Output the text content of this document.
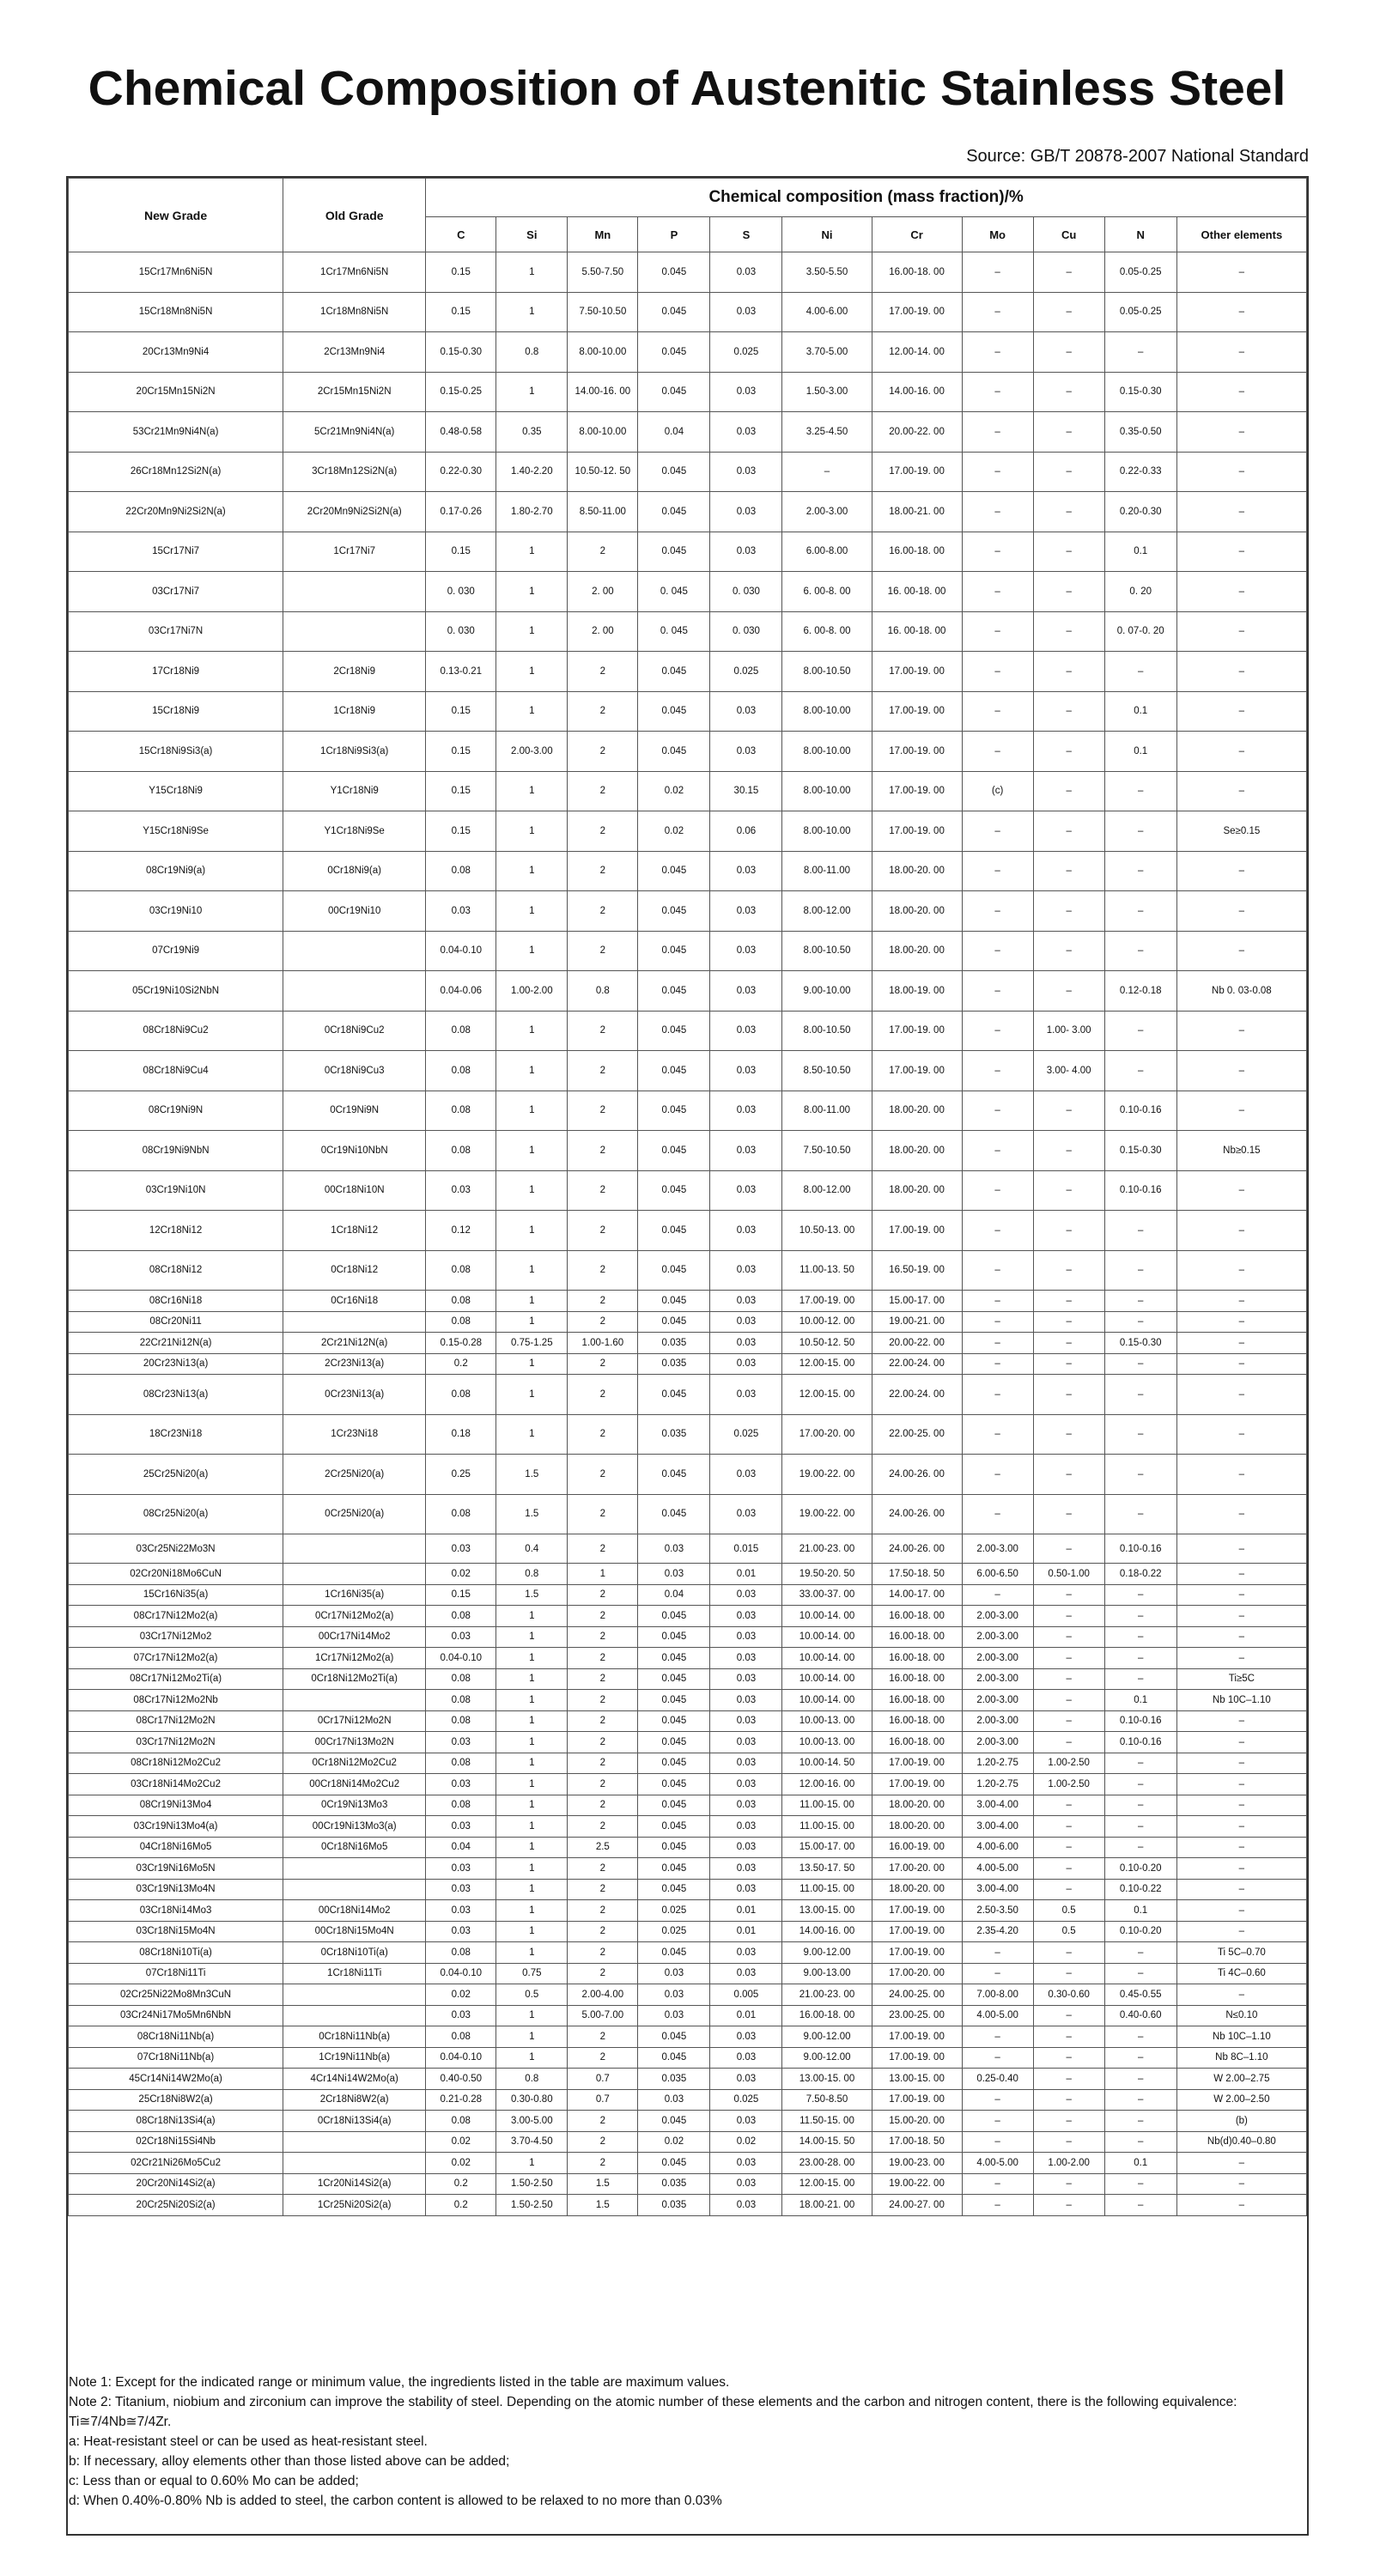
Chemical Composition of Austenitic Stainless Steel
Source: GB/T 20878-2007 National Standard
New Grade	Old Grade	Chemical composition (mass fraction)/%										
		C	Si	Mn	P	S	Ni	Cr	Mo	Cu	N	Other elements
15Cr17Mn6Ni5N	1Cr17Mn6Ni5N	0.15	1	5.50-7.50	0.045	0.03	3.50-5.50	16.00-18. 00	–	–	0.05-0.25	–
15Cr18Mn8Ni5N	1Cr18Mn8Ni5N	0.15	1	7.50-10.50	0.045	0.03	4.00-6.00	17.00-19. 00	–	–	0.05-0.25	–
20Cr13Mn9Ni4	2Cr13Mn9Ni4	0.15-0.30	0.8	8.00-10.00	0.045	0.025	3.70-5.00	12.00-14. 00	–	–	–	–
20Cr15Mn15Ni2N	2Cr15Mn15Ni2N	0.15-0.25	1	14.00-16. 00	0.045	0.03	1.50-3.00	14.00-16. 00	–	–	0.15-0.30	–
53Cr21Mn9Ni4N(a)	5Cr21Mn9Ni4N(a)	0.48-0.58	0.35	8.00-10.00	0.04	0.03	3.25-4.50	20.00-22. 00	–	–	0.35-0.50	–
26Cr18Mn12Si2N(a)	3Cr18Mn12Si2N(a)	0.22-0.30	1.40-2.20	10.50-12. 50	0.045	0.03	–	17.00-19. 00	–	–	0.22-0.33	–
22Cr20Mn9Ni2Si2N(a)	2Cr20Mn9Ni2Si2N(a)	0.17-0.26	1.80-2.70	8.50-11.00	0.045	0.03	2.00-3.00	18.00-21. 00	–	–	0.20-0.30	–
15Cr17Ni7	1Cr17Ni7	0.15	1	2	0.045	0.03	6.00-8.00	16.00-18. 00	–	–	0.1	–
03Cr17Ni7		0. 030	1	2. 00	0. 045	0. 030	6. 00-8. 00	16. 00-18. 00	–	–	0. 20	–
03Cr17Ni7N		0. 030	1	2. 00	0. 045	0. 030	6. 00-8. 00	16. 00-18. 00	–	–	0. 07-0. 20	–
17Cr18Ni9	2Cr18Ni9	0.13-0.21	1	2	0.045	0.025	8.00-10.50	17.00-19. 00	–	–	–	–
15Cr18Ni9	1Cr18Ni9	0.15	1	2	0.045	0.03	8.00-10.00	17.00-19. 00	–	–	0.1	–
15Cr18Ni9Si3(a)	1Cr18Ni9Si3(a)	0.15	2.00-3.00	2	0.045	0.03	8.00-10.00	17.00-19. 00	–	–	0.1	–
Y15Cr18Ni9	Y1Cr18Ni9	0.15	1	2	0.02	30.15	8.00-10.00	17.00-19. 00	(c)	–	–	–
Y15Cr18Ni9Se	Y1Cr18Ni9Se	0.15	1	2	0.02	0.06	8.00-10.00	17.00-19. 00	–	–	–	Se≥0.15
08Cr19Ni9(a)	0Cr18Ni9(a)	0.08	1	2	0.045	0.03	8.00-11.00	18.00-20. 00	–	–	–	–
03Cr19Ni10	00Cr19Ni10	0.03	1	2	0.045	0.03	8.00-12.00	18.00-20. 00	–	–	–	–
07Cr19Ni9		0.04-0.10	1	2	0.045	0.03	8.00-10.50	18.00-20. 00	–	–	–	–
05Cr19Ni10Si2NbN		0.04-0.06	1.00-2.00	0.8	0.045	0.03	9.00-10.00	18.00-19. 00	–	–	0.12-0.18	Nb 0. 03-0.08
08Cr18Ni9Cu2	0Cr18Ni9Cu2	0.08	1	2	0.045	0.03	8.00-10.50	17.00-19. 00	–	1.00- 3.00	–	–
08Cr18Ni9Cu4	0Cr18Ni9Cu3	0.08	1	2	0.045	0.03	8.50-10.50	17.00-19. 00	–	3.00- 4.00	–	–
08Cr19Ni9N	0Cr19Ni9N	0.08	1	2	0.045	0.03	8.00-11.00	18.00-20. 00	–	–	0.10-0.16	–
08Cr19Ni9NbN	0Cr19Ni10NbN	0.08	1	2	0.045	0.03	7.50-10.50	18.00-20. 00	–	–	0.15-0.30	Nb≥0.15
03Cr19Ni10N	00Cr18Ni10N	0.03	1	2	0.045	0.03	8.00-12.00	18.00-20. 00	–	–	0.10-0.16	–
12Cr18Ni12	1Cr18Ni12	0.12	1	2	0.045	0.03	10.50-13. 00	17.00-19. 00	–	–	–	–
08Cr18Ni12	0Cr18Ni12	0.08	1	2	0.045	0.03	11.00-13. 50	16.50-19. 00	–	–	–	–
08Cr16Ni18	0Cr16Ni18	0.08	1	2	0.045	0.03	17.00-19. 00	15.00-17. 00	–	–	–	–
08Cr20Ni11		0.08	1	2	0.045	0.03	10.00-12. 00	19.00-21. 00	–	–	–	–
22Cr21Ni12N(a)	2Cr21Ni12N(a)	0.15-0.28	0.75-1.25	1.00-1.60	0.035	0.03	10.50-12. 50	20.00-22. 00	–	–	0.15-0.30	–
20Cr23Ni13(a)	2Cr23Ni13(a)	0.2	1	2	0.035	0.03	12.00-15. 00	22.00-24. 00	–	–	–	–
08Cr23Ni13(a)	0Cr23Ni13(a)	0.08	1	2	0.045	0.03	12.00-15. 00	22.00-24. 00	–	–	–	–
18Cr23Ni18	1Cr23Ni18	0.18	1	2	0.035	0.025	17.00-20. 00	22.00-25. 00	–	–	–	–
25Cr25Ni20(a)	2Cr25Ni20(a)	0.25	1.5	2	0.045	0.03	19.00-22. 00	24.00-26. 00	–	–	–	–
08Cr25Ni20(a)	0Cr25Ni20(a)	0.08	1.5	2	0.045	0.03	19.00-22. 00	24.00-26. 00	–	–	–	–
03Cr25Ni22Mo3N		0.03	0.4	2	0.03	0.015	21.00-23. 00	24.00-26. 00	2.00-3.00	–	0.10-0.16	–
02Cr20Ni18Mo6CuN		0.02	0.8	1	0.03	0.01	19.50-20. 50	17.50-18. 50	6.00-6.50	0.50-1.00	0.18-0.22	–
15Cr16Ni35(a)	1Cr16Ni35(a)	0.15	1.5	2	0.04	0.03	33.00-37. 00	14.00-17. 00	–	–	–	–
08Cr17Ni12Mo2(a)	0Cr17Ni12Mo2(a)	0.08	1	2	0.045	0.03	10.00-14. 00	16.00-18. 00	2.00-3.00	–	–	–
03Cr17Ni12Mo2	00Cr17Ni14Mo2	0.03	1	2	0.045	0.03	10.00-14. 00	16.00-18. 00	2.00-3.00	–	–	–
07Cr17Ni12Mo2(a)	1Cr17Ni12Mo2(a)	0.04-0.10	1	2	0.045	0.03	10.00-14. 00	16.00-18. 00	2.00-3.00	–	–	–
08Cr17Ni12Mo2Ti(a)	0Cr18Ni12Mo2Ti(a)	0.08	1	2	0.045	0.03	10.00-14. 00	16.00-18. 00	2.00-3.00	–	–	Ti≥5C
08Cr17Ni12Mo2Nb		0.08	1	2	0.045	0.03	10.00-14. 00	16.00-18. 00	2.00-3.00	–	0.1	Nb 10C–1.10
08Cr17Ni12Mo2N	0Cr17Ni12Mo2N	0.08	1	2	0.045	0.03	10.00-13. 00	16.00-18. 00	2.00-3.00	–	0.10-0.16	–
03Cr17Ni12Mo2N	00Cr17Ni13Mo2N	0.03	1	2	0.045	0.03	10.00-13. 00	16.00-18. 00	2.00-3.00	–	0.10-0.16	–
08Cr18Ni12Mo2Cu2	0Cr18Ni12Mo2Cu2	0.08	1	2	0.045	0.03	10.00-14. 50	17.00-19. 00	1.20-2.75	1.00-2.50	–	–
03Cr18Ni14Mo2Cu2	00Cr18Ni14Mo2Cu2	0.03	1	2	0.045	0.03	12.00-16. 00	17.00-19. 00	1.20-2.75	1.00-2.50	–	–
08Cr19Ni13Mo4	0Cr19Ni13Mo3	0.08	1	2	0.045	0.03	11.00-15. 00	18.00-20. 00	3.00-4.00	–	–	–
03Cr19Ni13Mo4(a)	00Cr19Ni13Mo3(a)	0.03	1	2	0.045	0.03	11.00-15. 00	18.00-20. 00	3.00-4.00	–	–	–
04Cr18Ni16Mo5	0Cr18Ni16Mo5	0.04	1	2.5	0.045	0.03	15.00-17. 00	16.00-19. 00	4.00-6.00	–	–	–
03Cr19Ni16Mo5N		0.03	1	2	0.045	0.03	13.50-17. 50	17.00-20. 00	4.00-5.00	–	0.10-0.20	–
03Cr19Ni13Mo4N		0.03	1	2	0.045	0.03	11.00-15. 00	18.00-20. 00	3.00-4.00	–	0.10-0.22	–
03Cr18Ni14Mo3	00Cr18Ni14Mo2	0.03	1	2	0.025	0.01	13.00-15. 00	17.00-19. 00	2.50-3.50	0.5	0.1	–
03Cr18Ni15Mo4N	00Cr18Ni15Mo4N	0.03	1	2	0.025	0.01	14.00-16. 00	17.00-19. 00	2.35-4.20	0.5	0.10-0.20	–
08Cr18Ni10Ti(a)	0Cr18Ni10Ti(a)	0.08	1	2	0.045	0.03	9.00-12.00	17.00-19. 00	–	–	–	Ti 5C–0.70
07Cr18Ni11Ti	1Cr18Ni11Ti	0.04-0.10	0.75	2	0.03	0.03	9.00-13.00	17.00-20. 00	–	–	–	Ti 4C–0.60
02Cr25Ni22Mo8Mn3CuN		0.02	0.5	2.00-4.00	0.03	0.005	21.00-23. 00	24.00-25. 00	7.00-8.00	0.30-0.60	0.45-0.55	–
03Cr24Ni17Mo5Mn6NbN		0.03	1	5.00-7.00	0.03	0.01	16.00-18. 00	23.00-25. 00	4.00-5.00	–	0.40-0.60	N≤0.10
08Cr18Ni11Nb(a)	0Cr18Ni11Nb(a)	0.08	1	2	0.045	0.03	9.00-12.00	17.00-19. 00	–	–	–	Nb 10C–1.10
07Cr18Ni11Nb(a)	1Cr19Ni11Nb(a)	0.04-0.10	1	2	0.045	0.03	9.00-12.00	17.00-19. 00	–	–	–	Nb 8C–1.10
45Cr14Ni14W2Mo(a)	4Cr14Ni14W2Mo(a)	0.40-0.50	0.8	0.7	0.035	0.03	13.00-15. 00	13.00-15. 00	0.25-0.40	–	–	W 2.00–2.75
25Cr18Ni8W2(a)	2Cr18Ni8W2(a)	0.21-0.28	0.30-0.80	0.7	0.03	0.025	7.50-8.50	17.00-19. 00	–	–	–	W 2.00–2.50
08Cr18Ni13Si4(a)	0Cr18Ni13Si4(a)	0.08	3.00-5.00	2	0.045	0.03	11.50-15. 00	15.00-20. 00	–	–	–	(b)
02Cr18Ni15Si4Nb		0.02	3.70-4.50	2	0.02	0.02	14.00-15. 50	17.00-18. 50	–	–	–	Nb(d)0.40–0.80
02Cr21Ni26Mo5Cu2		0.02	1	2	0.045	0.03	23.00-28. 00	19.00-23. 00	4.00-5.00	1.00-2.00	0.1	–
20Cr20Ni14Si2(a)	1Cr20Ni14Si2(a)	0.2	1.50-2.50	1.5	0.035	0.03	12.00-15. 00	19.00-22. 00	–	–	–	–
20Cr25Ni20Si2(a)	1Cr25Ni20Si2(a)	0.2	1.50-2.50	1.5	0.035	0.03	18.00-21. 00	24.00-27. 00	–	–	–	–

Note 1: Except for the indicated range or minimum value, the ingredients listed in the table are maximum values.

Note 2: Titanium, niobium and zirconium can improve the stability of steel. Depending on the atomic number of these elements and the carbon and nitrogen content, there is the following equivalence: Ti≅7/4Nb≅7/4Zr.

a: Heat-resistant steel or can be used as heat-resistant steel.

b: If necessary, alloy elements other than those listed above can be added;

c: Less than or equal to 0.60% Mo can be added;

d: When 0.40%-0.80% Nb is added to steel, the carbon content is allowed to be relaxed to no more than 0.03%
